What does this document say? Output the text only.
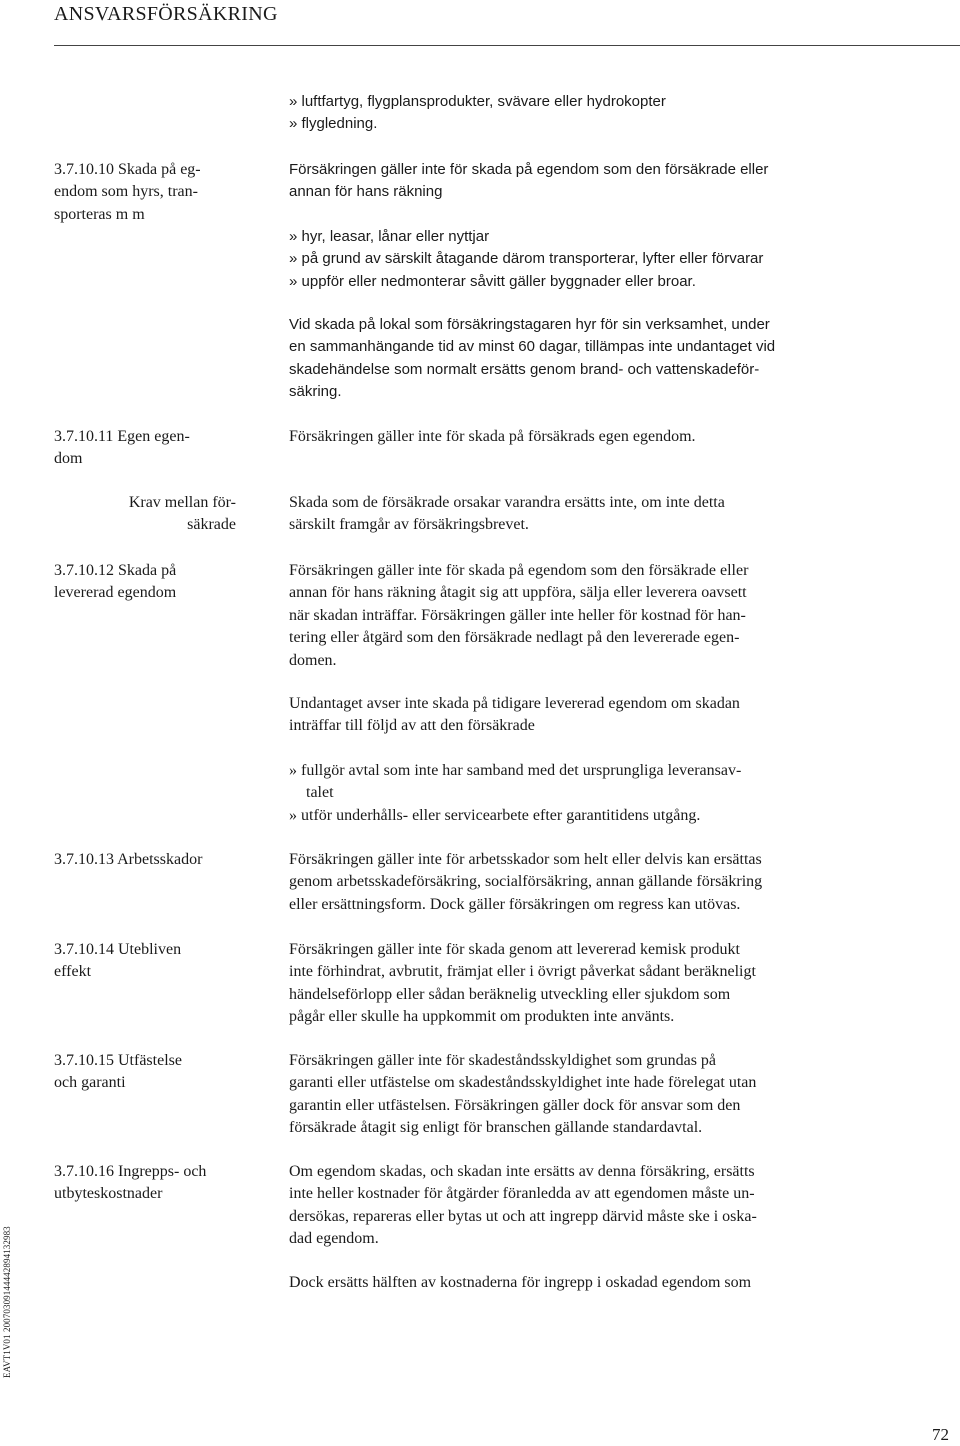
ANSVARSFÖRSÄKRING
» luftfartyg, flygplansprodukter, svävare eller hydrokopter
» flygledning.
3.7.10.10 Skada på eg-
endom som hyrs, tran-
sporteras m m
Försäkringen gäller inte för skada på egendom som den försäkrade eller
annan för hans räkning
» hyr, leasar, lånar eller nyttjar
» på grund av särskilt åtagande därom transporterar, lyfter eller förvarar
» uppför eller nedmonterar såvitt gäller byggnader eller broar.
Vid skada på lokal som försäkringstagaren hyr för sin verksamhet, under
en sammanhängande tid av minst 60 dagar, tillämpas inte undantaget vid
skadehändelse som normalt ersätts genom brand- och vattenskadeför-
säkring.
3.7.10.11 Egen egen-
dom
Försäkringen gäller inte för skada på försäkrads egen egendom.
Krav mellan för-
säkrade
Skada som de försäkrade orsakar varandra ersätts inte, om inte detta
särskilt framgår av försäkringsbrevet.
3.7.10.12 Skada på
levererad egendom
Försäkringen gäller inte för skada på egendom som den försäkrade eller
annan för hans räkning åtagit sig att uppföra, sälja eller leverera oavsett
när skadan inträffar. Försäkringen gäller inte heller för kostnad för han-
tering eller åtgärd som den försäkrade nedlagt på den levererade egen-
domen.
Undantaget avser inte skada på tidigare levererad egendom om skadan
inträffar till följd av att den försäkrade
» fullgör avtal som inte har samband med det ursprungliga leveransav-
talet
» utför underhålls- eller servicearbete efter garantitidens utgång.
3.7.10.13 Arbetsskador	Försäkringen gäller inte för arbetsskador som helt eller delvis kan ersättas
genom arbetsskadeförsäkring, socialförsäkring, annan gällande försäkring
eller ersättningsform. Dock gäller försäkringen om regress kan utövas.
3.7.10.14 Utebliven
effekt
Försäkringen gäller inte för skada genom att levererad kemisk produkt
inte förhindrat, avbrutit, främjat eller i övrigt påverkat sådant beräkneligt
händelseförlopp eller sådan beräknelig utveckling eller sjukdom som
pågår eller skulle ha uppkommit om produkten inte använts.
3.7.10.15 Utfästelse
och garanti
Försäkringen gäller inte för skadeståndsskyldighet som grundas på
garanti eller utfästelse om skadeståndsskyldighet inte hade förelegat utan
garantin eller utfästelsen. Försäkringen gäller dock för ansvar som den
försäkrade åtagit sig enligt för branschen gällande standardavtal.
3.7.10.16 Ingrepps- och
utbyteskostnader
Om egendom skadas, och skadan inte ersätts av denna försäkring, ersätts
inte heller kostnader för åtgärder föranledda av att egendomen måste un-
dersökas, repareras eller bytas ut och att ingrepp därvid måste ske i oska-
dad egendom.
Dock ersätts hälften av kostnaderna för ingrepp i oskadad egendom som
EAVT1V01 20070309144442894132983
72
